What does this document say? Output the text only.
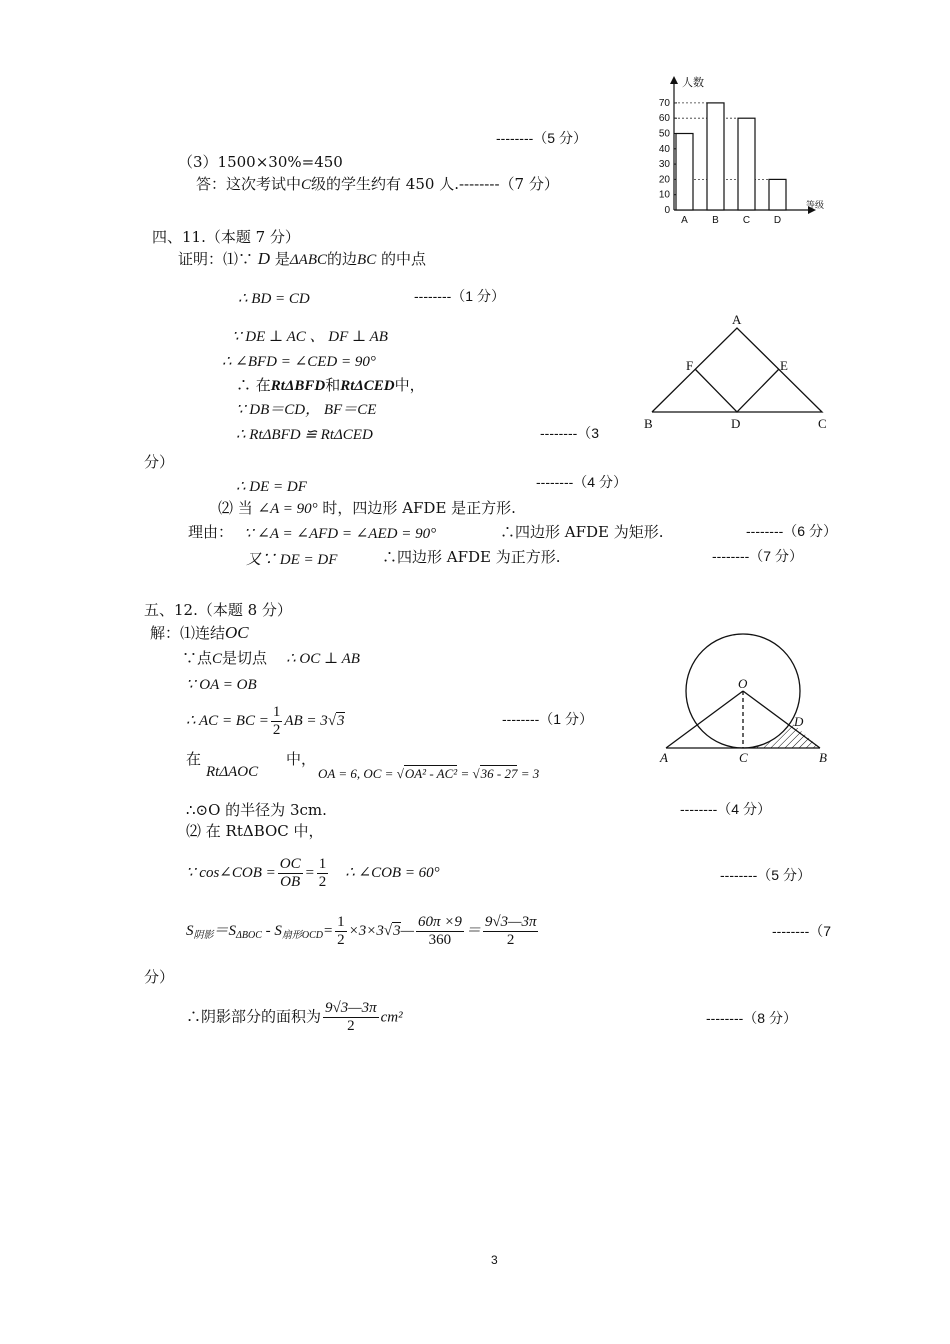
--------（5 分）
（3）1500×30%=450
答：这次考试中C级的学生约有 450 人.--------（7 分）
0
10
20
30
40
50
60
70
A B C D
人数
等级
四、11.（本题 7 分）
证明：⑴∵ D 是ΔABC的边BC 的中点
∴ BD = CD	--------（1 分）
∵ DE ⊥ AC 、 DF ⊥ AB
∴ ∠BFD = ∠CED = 90°
∴ 在RtΔBFD和RtΔCED中，
∵ DB＝CD， BF＝CE
∴ RtΔBFD ≌ RtΔCED	--------（3
分）
∴ DE = DF	--------（4 分）
⑵ 当 ∠A = 90° 时，四边形 AFDE 是正方形.
理由： ∵ ∠A = ∠AFD = ∠AED = 90°	∴四边形 AFDE 为矩形.	--------（6 分）
又∵ DE = DF	∴四边形 AFDE 为正方形.	--------（7 分）
A
B	C
D
E
F
五、12.（本题 8 分）
解：⑴连结OC
∵点C是切点 ∴ OC ⊥ AB
∵ OA = OB
∴ AC = BC = $\frac{1}{2}$ AB = 3√3	--------（1 分）
在
RtΔAOC
中，
OA = 6, OC = √OA² - AC² = √36 - 27 = 3
∴⊙O 的半径为 3cm.	--------（4 分）
⑵ 在 RtΔBOC 中，
∵ cos∠COB = $\frac{OC}{OB} = \frac{1}{2}$ ∴ ∠COB = 60°	--------（5 分）
$S_{阴影}=S_{\Delta BOC} - S_{扇形OCD}= \frac{1}{2}$ ×3×3√3— $\frac{60\pi \times 9}{360} = \frac{9√3—3\pi}{2}$	--------（7
分）
∴阴影部分的面积为 $\frac{9√3—3\pi}{2} cm^2$	--------（8 分）
O
A	B
C
D
3
